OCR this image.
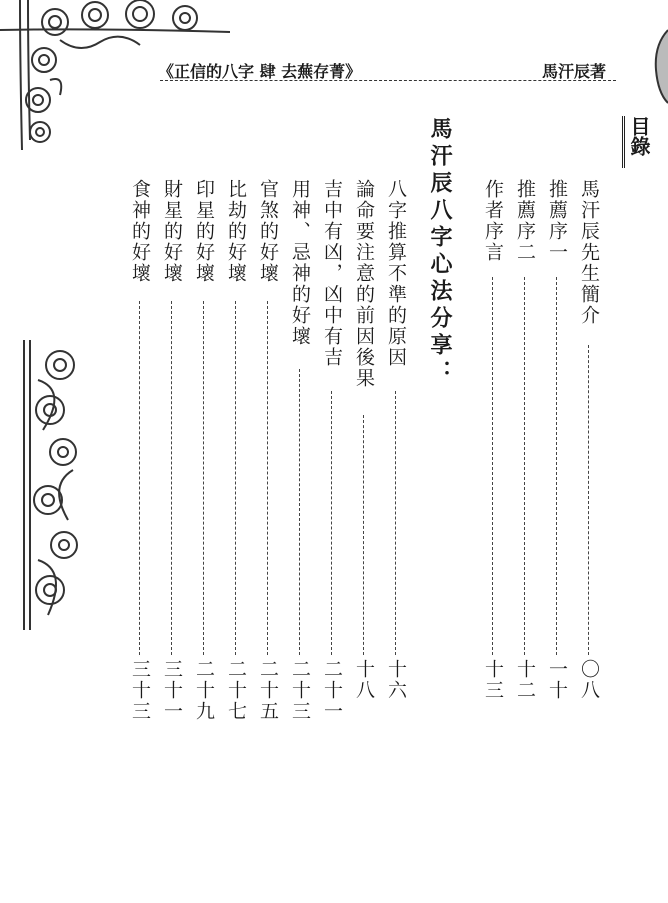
《正信的八字 肆 去蕪存菁》	馬汗辰著
目錄
馬汗辰八字心法分享：	馬汗辰先生簡介
〇八
推薦序一
一十
推薦序二
十二
作者序言
十三
八字推算不準的原因
十六
論命要注意的前因後果
十八
吉中有凶，凶中有吉
二十一
用神、忌神的好壞
二十三
官煞的好壞
二十五
比劫的好壞
二十七
印星的好壞
二十九
財星的好壞
三十一
食神的好壞
三十三
